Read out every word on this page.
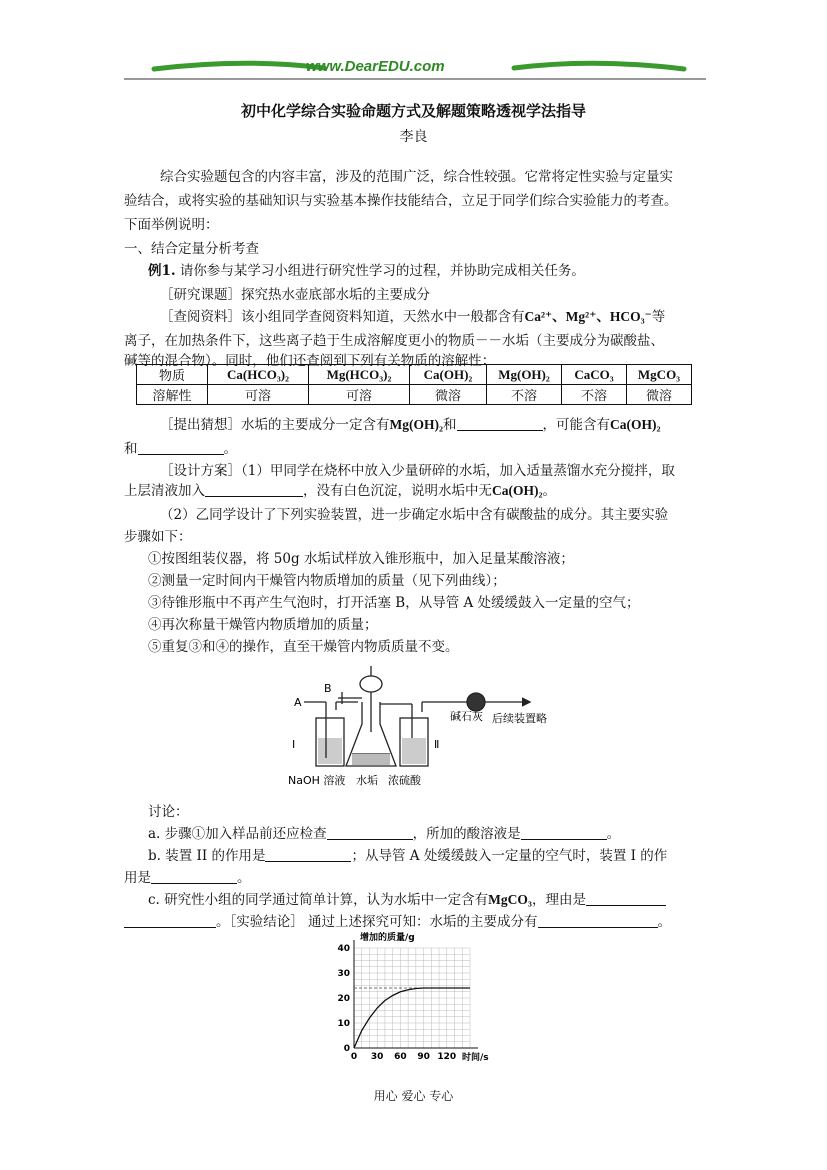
www.DearEDU.com
初中化学综合实验命题方式及解题策略透视学法指导
李良
综合实验题包含的内容丰富，涉及的范围广泛，综合性较强。它常将定性实验与定量实
验结合，或将实验的基础知识与实验基本操作技能结合，立足于同学们综合实验能力的考查。
下面举例说明：
一、结合定量分析考查
例1. 请你参与某学习小组进行研究性学习的过程，并协助完成相关任务。
［研究课题］探究热水壶底部水垢的主要成分
［查阅资料］该小组同学查阅资料知道，天然水中一般都含有Ca²⁺、Mg²⁺、HCO₃⁻等
离子，在加热条件下，这些离子趋于生成溶解度更小的物质－－水垢（主要成分为碳酸盐、
碱等的混合物）。同时，他们还查阅到下列有关物质的溶解性：
物质	Ca(HCO₃)₂	Mg(HCO₃)₂	Ca(OH)₂	Mg(OH)₂	CaCO₃	MgCO₃
溶解性	可溶	可溶	微溶	不溶	不溶	微溶
［提出猜想］水垢的主要成分一定含有Mg(OH)₂和	，可能含有Ca(OH)₂
和	。
［设计方案］（1）甲同学在烧杯中放入少量研碎的水垢，加入适量蒸馏水充分搅拌，取
上层清液加入	，没有白色沉淀，说明水垢中无Ca(OH)₂。
（2）乙同学设计了下列实验装置，进一步确定水垢中含有碳酸盐的成分。其主要实验
步骤如下：
①按图组装仪器，将 50g 水垢试样放入锥形瓶中，加入足量某酸溶液；
②测量一定时间内干燥管内物质增加的质量（见下列曲线）；
③待锥形瓶中不再产生气泡时，打开活塞 B，从导管 A 处缓缓鼓入一定量的空气；
④再次称量干燥管内物质增加的质量；
⑤重复③和④的操作，直至干燥管内物质质量不变。
A
B
I	Ⅱ
碱石灰 后续装置略
NaOH 溶液 水垢 浓硫酸
讨论：
a. 步骤①加入样品前还应检查	，所加的酸溶液是	。
b. 装置 II 的作用是	；从导管 A 处缓缓鼓入一定量的空气时，装置 I 的作
用是	。
c. 研究性小组的同学通过简单计算，认为水垢中一定含有MgCO₃，理由是
。［实验结论］ 通过上述探究可知：水垢的主要成分有	。
0 30 60 90 120
0
10
20
30
40
增加的质量/g
时间/s
用心 爱心 专心
